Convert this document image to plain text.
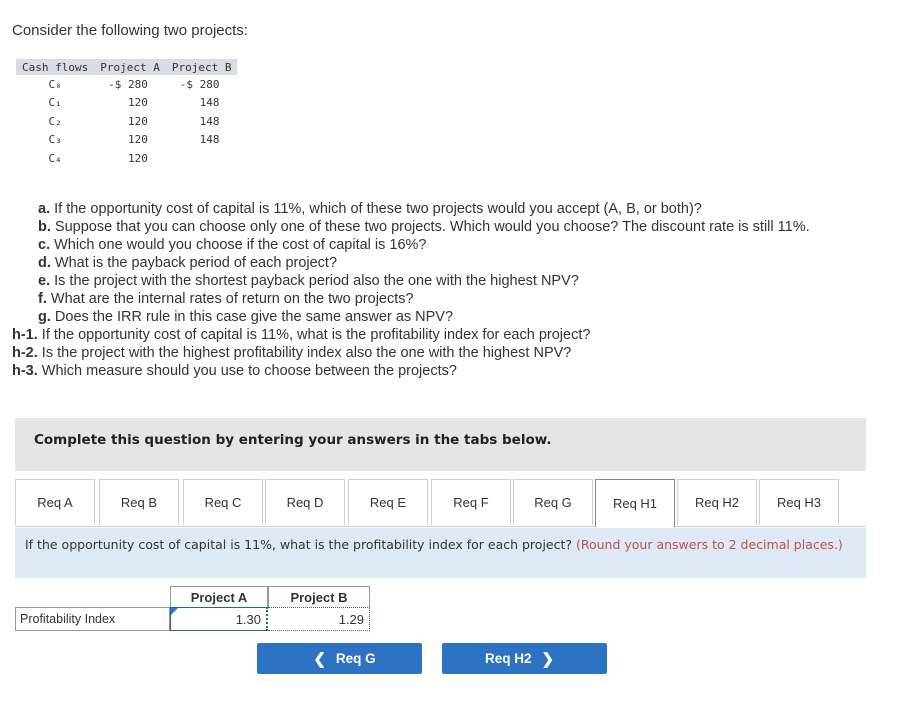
Consider the following two projects:

Cash flows	Project A	Project B
C₀	-$ 280	-$ 280
C₁	120	148
C₂	120	148
C₃	120	148
C₄	120	
a. If the opportunity cost of capital is 11%, which of these two projects would you accept (A, B, or both)?
b. Suppose that you can choose only one of these two projects. Which would you choose? The discount rate is still 11%.
c. Which one would you choose if the cost of capital is 16%?
d. What is the payback period of each project?
e. Is the project with the shortest payback period also the one with the highest NPV?
f. What are the internal rates of return on the two projects?
g. Does the IRR rule in this case give the same answer as NPV?
h-1. If the opportunity cost of capital is 11%, what is the profitability index for each project?
h-2. Is the project with the highest profitability index also the one with the highest NPV?
h-3. Which measure should you use to choose between the projects?
Complete this question by entering your answers in the tabs below.
Req A	Req B	Req C	Req D	Req E	Req F	Req G	Req H1	Req H2	Req H3
If the opportunity cost of capital is 11%, what is the profitability index for each project? (Round your answers to 2 decimal places.)
Project A	Project B
Profitability Index	1.30	1.29
❮ Req G	Req H2 ❯
